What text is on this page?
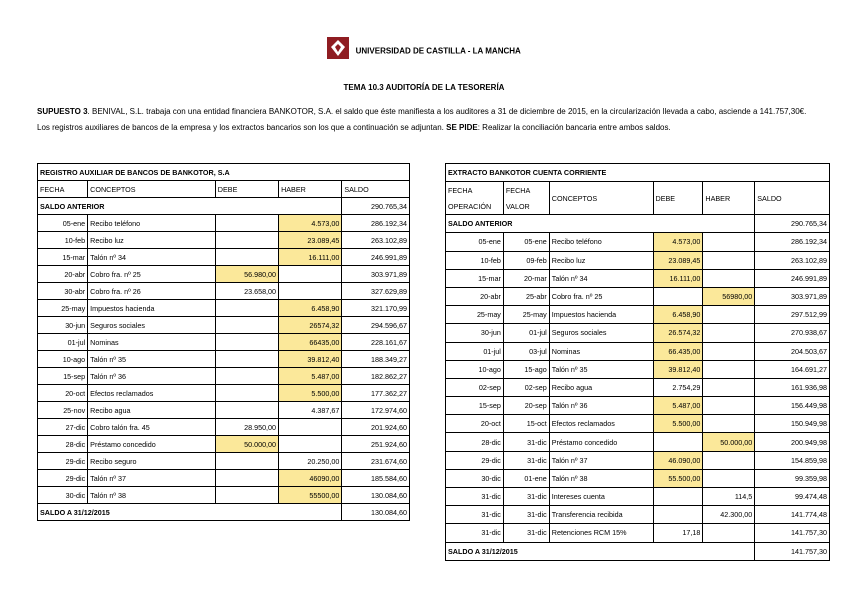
UNIVERSIDAD DE CASTILLA - LA MANCHA
TEMA 10.3 AUDITORÍA DE LA TESORERÍA
SUPUESTO 3. BENIVAL, S.L. trabaja con una entidad financiera BANKOTOR, S.A. el saldo que éste manifiesta a los auditores a 31 de diciembre de 2015, en la circularización llevada a cabo, asciende a 141.757,30€. Los registros auxiliares de bancos de la empresa y los extractos bancarios son los que a continuación se adjuntan. SE PIDE: Realizar la conciliación bancaria entre ambos saldos.
REGISTRO AUXILIAR DE BANCOS DE BANKOTOR, S.A				
FECHA	CONCEPTOS	DEBE	HABER	SALDO
SALDO ANTERIOR				290.765,34
05-ene	Recibo teléfono		4.573,00	286.192,34
10-feb	Recibo luz		23.089,45	263.102,89
15-mar	Talón nº 34		16.111,00	246.991,89
20-abr	Cobro fra. nº 25	56.980,00		303.971,89
30-abr	Cobro fra. nº 26	23.658,00		327.629,89
25-may	Impuestos hacienda		6.458,90	321.170,99
30-jun	Seguros sociales		26574,32	294.596,67
01-jul	Nominas		66435,00	228.161,67
10-ago	Talón nº 35		39.812,40	188.349,27
15-sep	Talón nº 36		5.487,00	182.862,27
20-oct	Efectos reclamados		5.500,00	177.362,27
25-nov	Recibo agua		4.387,67	172.974,60
27-dic	Cobro talón fra. 45	28.950,00		201.924,60
28-dic	Préstamo concedido	50.000,00		251.924,60
29-dic	Recibo seguro		20.250,00	231.674,60
29-dic	Talón nº 37		46090,00	185.584,60
30-dic	Talón nº 38		55500,00	130.084,60
SALDO A 31/12/2015				130.084,60
EXTRACTO BANKOTOR CUENTA CORRIENTE					
FECHA	FECHA	CONCEPTOS	DEBE	HABER	SALDO
OPERACIÓN	VALOR				
SALDO ANTERIOR					290.765,34
05-ene	05-ene	Recibo teléfono	4.573,00		286.192,34
10-feb	09-feb	Recibo luz	23.089,45		263.102,89
15-mar	20-mar	Talón nº 34	16.111,00		246.991,89
20-abr	25-abr	Cobro fra. nº 25		56980,00	303.971,89
25-may	25-may	Impuestos hacienda	6.458,90		297.512,99
30-jun	01-jul	Seguros sociales	26.574,32		270.938,67
01-jul	03-jul	Nominas	66.435,00		204.503,67
10-ago	15-ago	Talón nº 35	39.812,40		164.691,27
02-sep	02-sep	Recibo agua	2.754,29		161.936,98
15-sep	20-sep	Talón nº 36	5.487,00		156.449,98
20-oct	15-oct	Efectos reclamados	5.500,00		150.949,98
28-dic	31-dic	Préstamo concedido		50.000,00	200.949,98
29-dic	31-dic	Talón nº 37	46.090,00		154.859,98
30-dic	01-ene	Talón nº 38	55.500,00		99.359,98
31-dic	31-dic	Intereses cuenta		114,5	99.474,48
31-dic	31-dic	Transferencia recibida		42.300,00	141.774,48
31-dic	31-dic	Retenciones RCM 15%	17,18		141.757,30
SALDO A 31/12/2015					141.757,30
